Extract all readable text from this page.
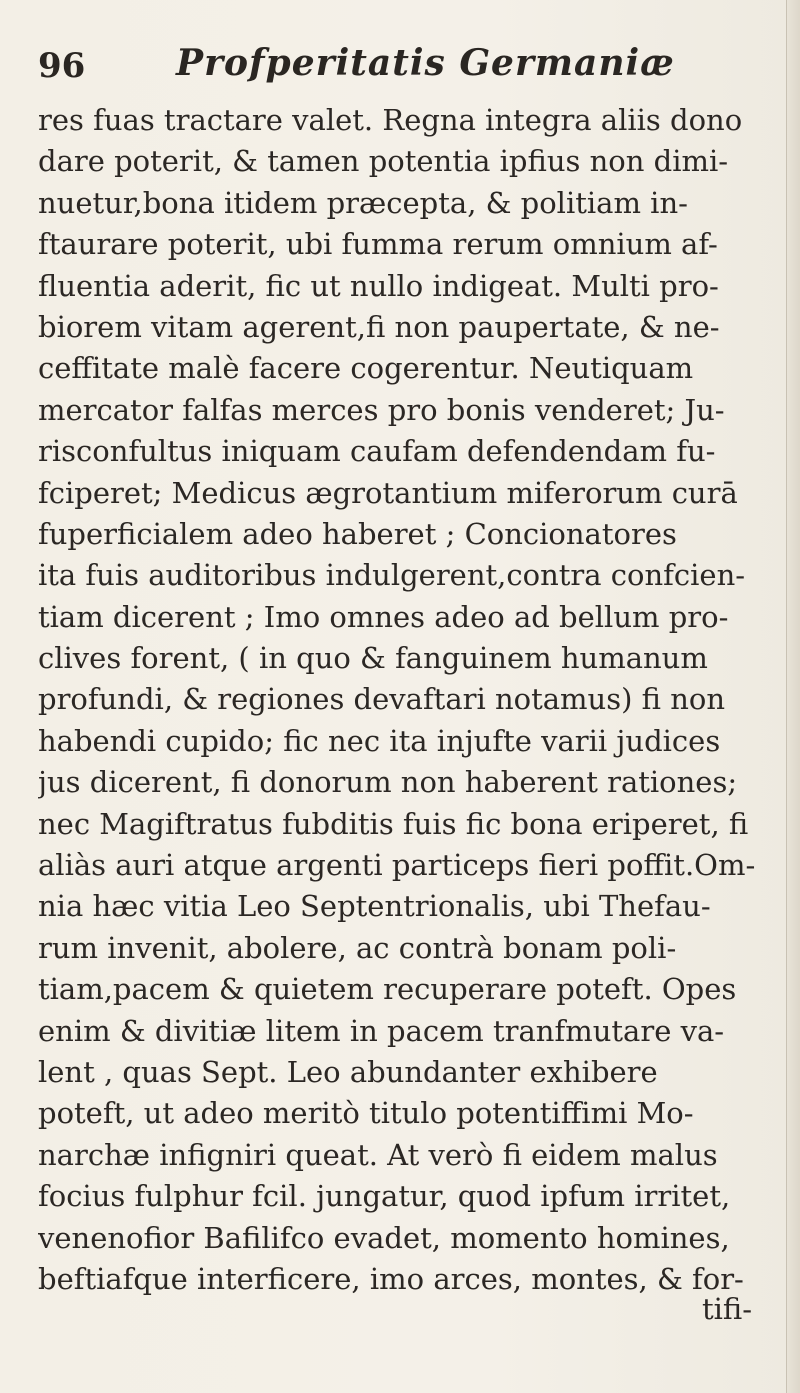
96	Profperitatis Germaniæ
res fuas tractare valet. Regna integra aliis dono
dare poterit, & tamen potentia ipfius non dimi-
nuetur,bona itidem præcepta, & politiam in-
ftaurare poterit, ubi fumma rerum omnium af-
fluentia aderit, fic ut nullo indigeat. Multi pro-
biorem vitam agerent,fi non paupertate, & ne-
ceffitate malè facere cogerentur. Neutiquam
mercator falfas merces pro bonis venderet; Ju-
risconfultus iniquam caufam defendendam fu-
fciperet; Medicus ægrotantium miferorum curā
fuperficialem adeo haberet ; Concionatores
ita fuis auditoribus indulgerent,contra confcien-
tiam dicerent ; Imo omnes adeo ad bellum pro-
clives forent, ( in quo & fanguinem humanum
profundi, & regiones devaftari notamus) fi non
habendi cupido; fic nec ita injufte varii judices
jus dicerent, fi donorum non haberent rationes;
nec Magiftratus fubditis fuis fic bona eriperet, fi
aliàs auri atque argenti particeps fieri poffit.Om-
nia hæc vitia Leo Septentrionalis, ubi Thefau-
rum invenit, abolere, ac contrà bonam poli-
tiam,pacem & quietem recuperare poteft. Opes
enim & divitiæ litem in pacem tranfmutare va-
lent , quas Sept. Leo abundanter exhibere
poteft, ut adeo meritò titulo potentiffimi Mo-
narchæ infigniri queat. At verò fi eidem malus
focius fulphur fcil. jungatur, quod ipfum irritet,
venenofior Bafilifco evadet, momento homines,
beftiafque interficere, imo arces, montes, & for-
tifi-
